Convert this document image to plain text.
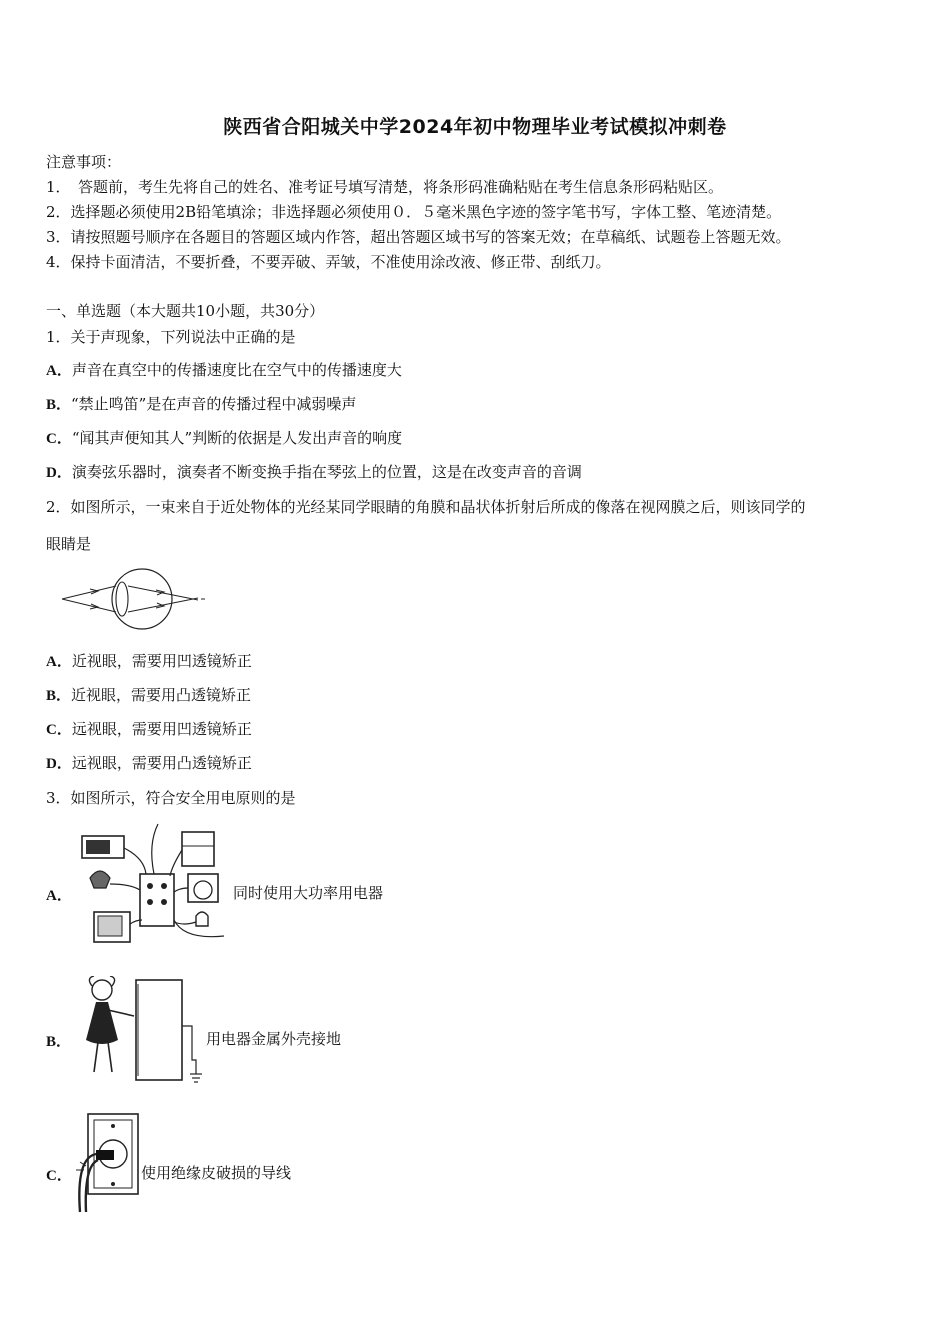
陕西省合阳城关中学2024年初中物理毕业考试模拟冲刺卷
注意事项：
1．　答题前，考生先将自己的姓名、准考证号填写清楚，将条形码准确粘贴在考生信息条形码粘贴区。
2．选择题必须使用2B铅笔填涂；非选择题必须使用０．５毫米黑色字迹的签字笔书写，字体工整、笔迹清楚。
3．请按照题号顺序在各题目的答题区域内作答，超出答题区域书写的答案无效；在草稿纸、试题卷上答题无效。
4．保持卡面清洁，不要折叠，不要弄破、弄皱，不准使用涂改液、修正带、刮纸刀。
一、单选题（本大题共10小题，共30分）
1．关于声现象，下列说法中正确的是
A．声音在真空中的传播速度比在空气中的传播速度大
B．“禁止鸣笛”是在声音的传播过程中减弱噪声
C．“闻其声便知其人”判断的依据是人发出声音的响度
D．演奏弦乐器时，演奏者不断变换手指在琴弦上的位置，这是在改变声音的音调
2．如图所示，一束来自于近处物体的光经某同学眼睛的角膜和晶状体折射后所成的像落在视网膜之后，则该同学的
眼睛是
A．近视眼，需要用凹透镜矫正
B．近视眼，需要用凸透镜矫正
C．远视眼，需要用凹透镜矫正
D．远视眼，需要用凸透镜矫正
3．如图所示，符合安全用电原则的是
A．	同时使用大功率用电器
B．	用电器金属外壳接地
C．	使用绝缘皮破损的导线
